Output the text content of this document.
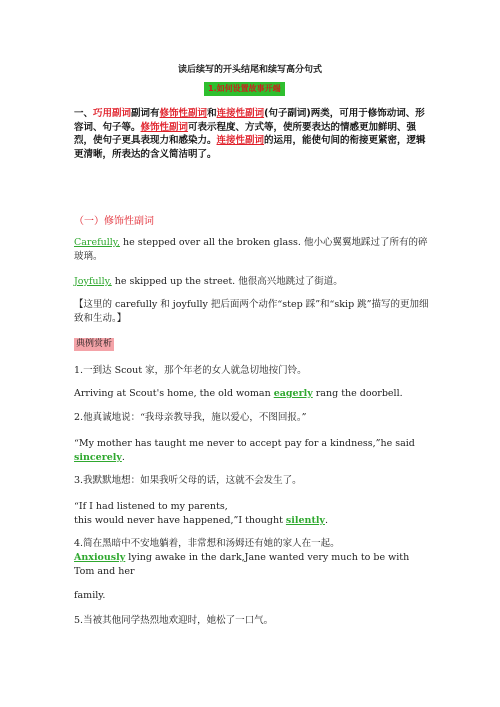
读后续写的开头结尾和续写高分句式
1.如何设置故事开端
一、巧用副词副词有修饰性副词和连接性副词(句子副词)两类，可用于修饰动词、形容词、句子等。修饰性副词可表示程度、方式等，使所要表达的情感更加鲜明、强烈，使句子更具表现力和感染力。连接性副词的运用，能使句间的衔接更紧密，逻辑更清晰，所表达的含义简洁明了。
（一）修饰性副词
Carefully, he stepped over all the broken glass. 他小心翼翼地踩过了所有的碎玻璃。
Joyfully, he skipped up the street. 他很高兴地跳过了街道。
【这里的 carefully 和 joyfully 把后面两个动作“step 踩”和“skip 跳”描写的更加细致和生动。】
典例赏析
1.一到达 Scout 家，那个年老的女人就急切地按门铃。
Arriving at Scout's home, the old woman eagerly rang the doorbell.
2.他真诚地说：“我母亲教导我，施以爱心，不图回报。”
“My mother has taught me never to accept pay for a kindness,”he said sincerely.
3.我默默地想：如果我听父母的话，这就不会发生了。
“If I had listened to my parents,
this would never have happened,”I thought silently.
4.简在黑暗中不安地躺着，非常想和汤姆还有她的家人在一起。
Anxiously lying awake in the dark,Jane wanted very much to be with Tom and her
family.
5.当被其他同学热烈地欢迎时，她松了一口气。
